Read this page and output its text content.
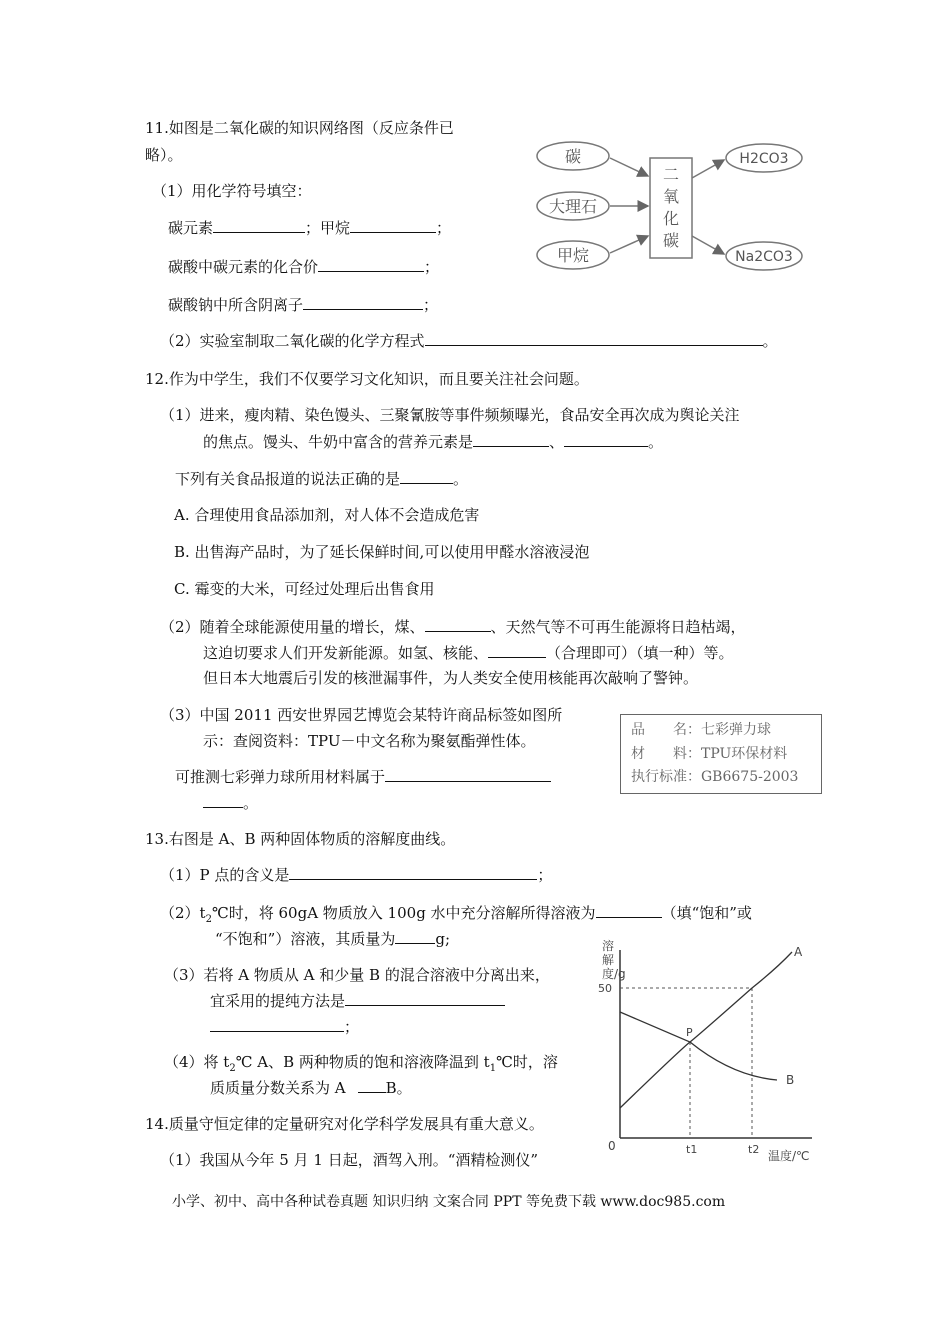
11.如图是二氧化碳的知识网络图（反应条件已
略）。
（1）用化学符号填空：
碳元素	；甲烷	；
碳酸中碳元素的化合价	；
碳酸钠中所含阴离子	；
（2）实验室制取二氧化碳的化学方程式	。
碳
大理石
甲烷
二
氧
化
碳
H2CO3
Na2CO3
12.作为中学生，我们不仅要学习文化知识，而且要关注社会问题。
（1）进来，瘦肉精、染色馒头、三聚氰胺等事件频频曝光，食品安全再次成为舆论关注
的焦点。馒头、牛奶中富含的营养元素是	、	。
下列有关食品报道的说法正确的是	。
A. 合理使用食品添加剂，对人体不会造成危害
B. 出售海产品时，为了延长保鲜时间,可以使用甲醛水溶液浸泡
C. 霉变的大米，可经过处理后出售食用
（2）随着全球能源使用量的增长，煤、	、天然气等不可再生能源将日趋枯竭，
这迫切要求人们开发新能源。如氢、核能、	（合理即可）（填一种）等。
但日本大地震后引发的核泄漏事件，为人类安全使用核能再次敲响了警钟。
（3）中国 2011 西安世界园艺博览会某特许商品标签如图所
示：查阅资料：TPU－中文名称为聚氨酯弹性体。
可推测七彩弹力球所用材料属于
。
品　　名：七彩弹力球
材　　料：TPU环保材料
执行标准：GB6675-2003
13.右图是 A、B 两种固体物质的溶解度曲线。
（1）P 点的含义是	；
$(2)t_2℃$时，将 60gA 物质放入 100g 水中充分溶解所得溶液为	（填“饱和”或
“不饱和”）溶液，其质量为	g;
（3）若将 A 物质从 A 和少量 B 的混合溶液中分离出来，
宜采用的提纯方法是
；
（4）将 $t_2℃$ A、B 两种物质的饱和溶液降温到 $t_1℃$时，溶
质质量分数关系为 A	B。
溶
解
度/g
温度/℃
0
A
B
50
t1	t2
P
14.质量守恒定律的定量研究对化学科学发展具有重大意义。
（1）我国从今年 5 月 1 日起，酒驾入刑。“酒精检测仪”
小学、初中、高中各种试卷真题 知识归纳 文案合同 PPT 等免费下载 www.doc985.com
